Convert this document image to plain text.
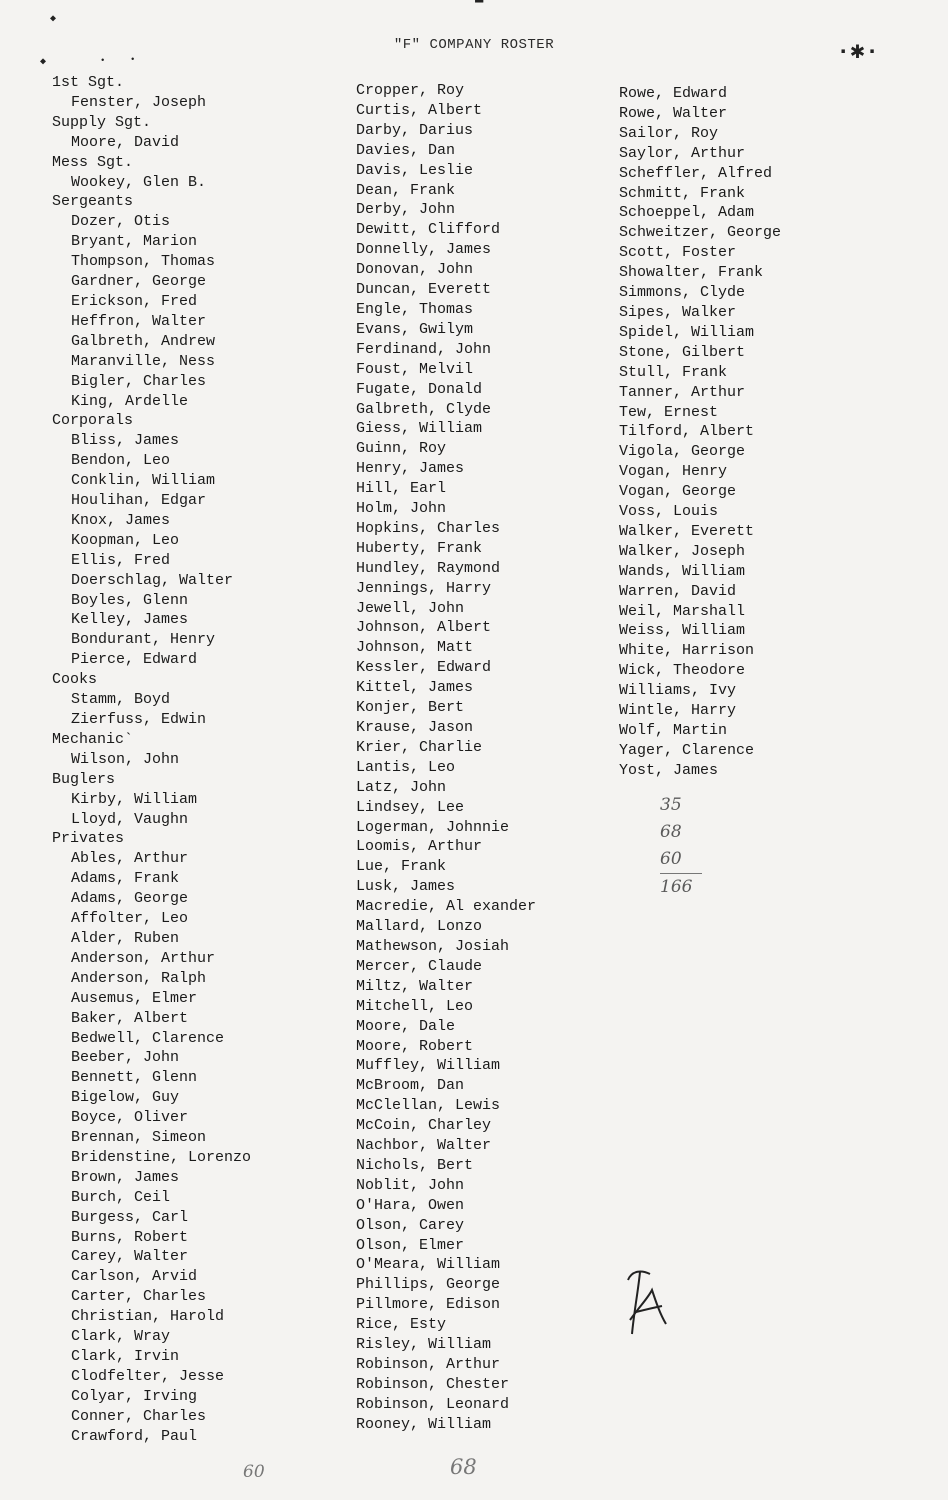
"F" COMPANY ROSTER
▬
◆
◆	•	•	·✱·
1st Sgt.
Fenster, Joseph
Supply Sgt.
Moore, David
Mess Sgt.
Wookey, Glen B.
Sergeants
Dozer, Otis
Bryant, Marion
Thompson, Thomas
Gardner, George
Erickson, Fred
Heffron, Walter
Galbreth, Andrew
Maranville, Ness
Bigler, Charles
King, Ardelle
Corporals
Bliss, James
Bendon, Leo
Conklin, William
Houlihan, Edgar
Knox, James
Koopman, Leo
Ellis, Fred
Doerschlag, Walter
Boyles, Glenn
Kelley, James
Bondurant, Henry
Pierce, Edward
Cooks
Stamm, Boyd
Zierfuss, Edwin
Mechanic`
Wilson, John
Buglers
Kirby, William
Lloyd, Vaughn
Privates
Ables, Arthur
Adams, Frank
Adams, George
Affolter, Leo
Alder, Ruben
Anderson, Arthur
Anderson, Ralph
Ausemus, Elmer
Baker, Albert
Bedwell, Clarence
Beeber, John
Bennett, Glenn
Bigelow, Guy
Boyce, Oliver
Brennan, Simeon
Bridenstine, Lorenzo
Brown, James
Burch, Ceil
Burgess, Carl
Burns, Robert
Carey, Walter
Carlson, Arvid
Carter, Charles
Christian, Harold
Clark, Wray
Clark, Irvin
Clodfelter, Jesse
Colyar, Irving
Conner, Charles
Crawford, Paul
Cropper, Roy
Curtis, Albert
Darby, Darius
Davies, Dan
Davis, Leslie
Dean, Frank
Derby, John
Dewitt, Clifford
Donnelly, James
Donovan, John
Duncan, Everett
Engle, Thomas
Evans, Gwilym
Ferdinand, John
Foust, Melvil
Fugate, Donald
Galbreth, Clyde
Giess, William
Guinn, Roy
Henry, James
Hill, Earl
Holm, John
Hopkins, Charles
Huberty, Frank
Hundley, Raymond
Jennings, Harry
Jewell, John
Johnson, Albert
Johnson, Matt
Kessler, Edward
Kittel, James
Konjer, Bert
Krause, Jason
Krier, Charlie
Lantis, Leo
Latz, John
Lindsey, Lee
Logerman, Johnnie
Loomis, Arthur
Lue, Frank
Lusk, James
Macredie, Al exander
Mallard, Lonzo
Mathewson, Josiah
Mercer, Claude
Miltz, Walter
Mitchell, Leo
Moore, Dale
Moore, Robert
Muffley, William
McBroom, Dan
McClellan, Lewis
McCoin, Charley
Nachbor, Walter
Nichols, Bert
Noblit, John
O'Hara, Owen
Olson, Carey
Olson, Elmer
O'Meara, William
Phillips, George
Pillmore, Edison
Rice, Esty
Risley, William
Robinson, Arthur
Robinson, Chester
Robinson, Leonard
Rooney, William
Rowe, Edward
Rowe, Walter
Sailor, Roy
Saylor, Arthur
Scheffler, Alfred
Schmitt, Frank
Schoeppel, Adam
Schweitzer, George
Scott, Foster
Showalter, Frank
Simmons, Clyde
Sipes, Walker
Spidel, William
Stone, Gilbert
Stull, Frank
Tanner, Arthur
Tew, Ernest
Tilford, Albert
Vigola, George
Vogan, Henry
Vogan, George
Voss, Louis
Walker, Everett
Walker, Joseph
Wands, William
Warren, David
Weil, Marshall
Weiss, William
White, Harrison
Wick, Theodore
Williams, Ivy
Wintle, Harry
Wolf, Martin
Yager, Clarence
Yost, James
35
68
60
166
60	68
